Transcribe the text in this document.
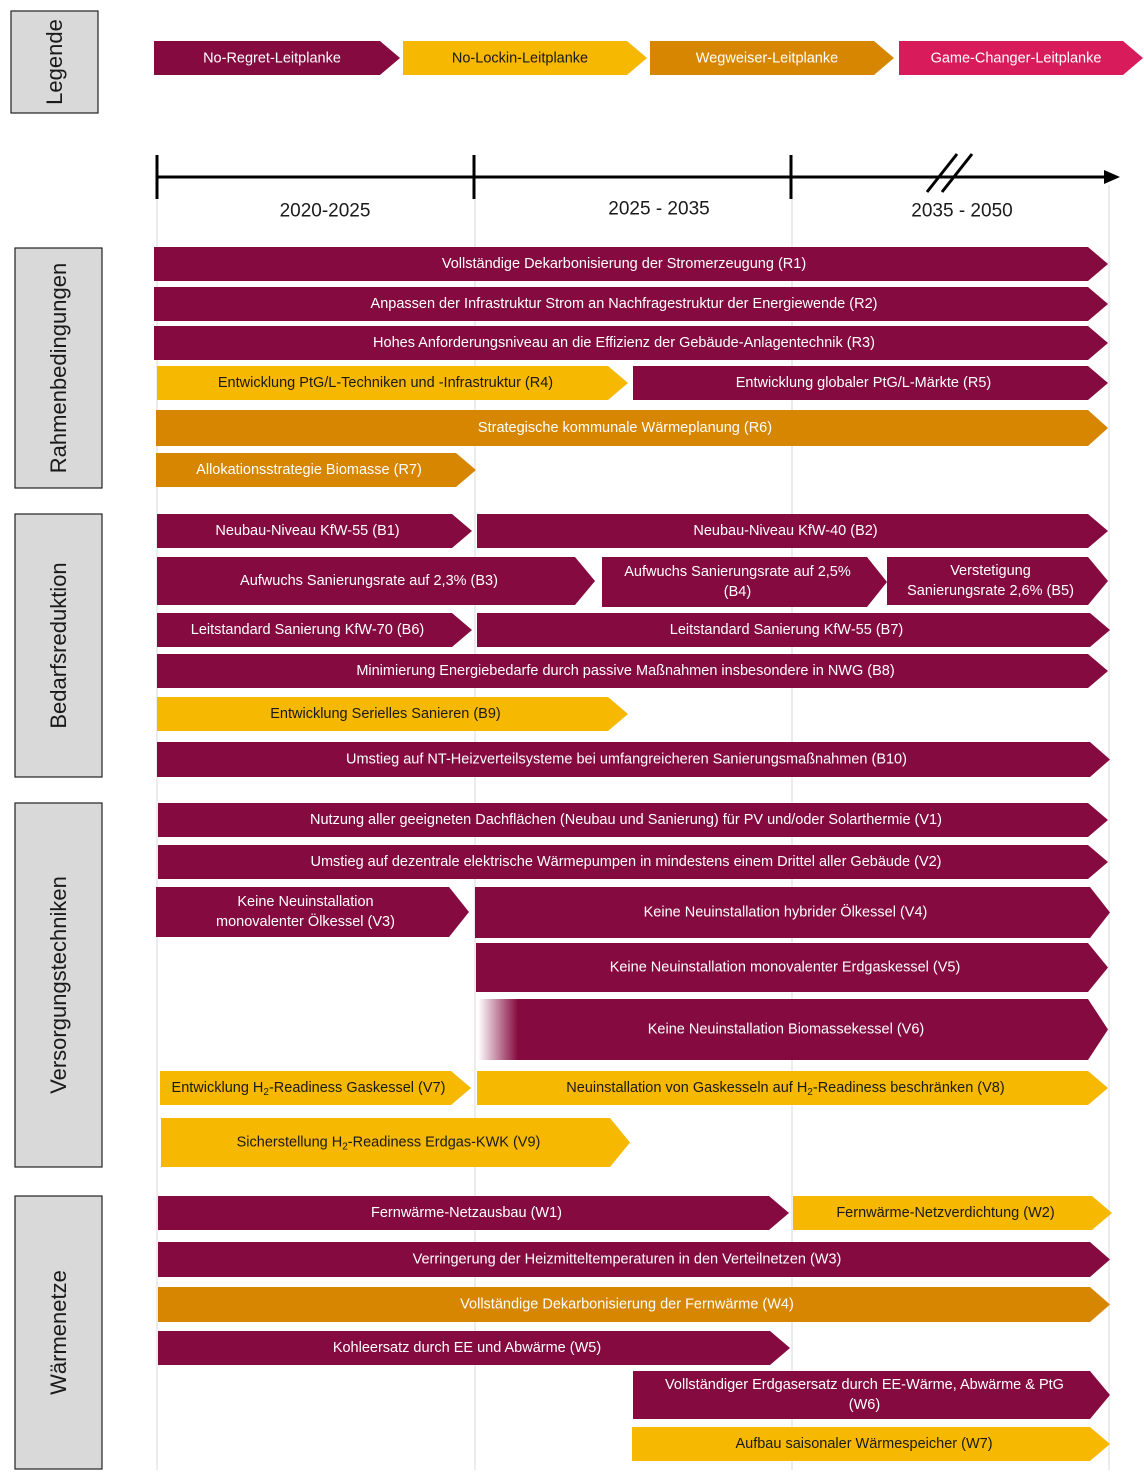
Legende
Rahmenbedingungen
Bedarfsreduktion
Versorgungstechniken
Wärmenetze
No-Regret-Leitplanke	No-Lockin-Leitplanke	Wegweiser-Leitplanke	Game-Changer-Leitplanke
2020-2025	2025 - 2035	2035 - 2050
Vollständige Dekarbonisierung der Stromerzeugung (R1)
Anpassen der Infrastruktur Strom an Nachfragestruktur der Energiewende (R2)
Hohes Anforderungsniveau an die Effizienz der Gebäude-Anlagentechnik (R3)
Entwicklung PtG/L-Techniken und -Infrastruktur (R4)	Entwicklung globaler PtG/L-Märkte (R5)
Strategische kommunale Wärmeplanung (R6)
Allokationsstrategie Biomasse (R7)
Neubau-Niveau KfW-55 (B1)	Neubau-Niveau KfW-40 (B2)
Aufwuchs Sanierungsrate auf 2,3% (B3)
Aufwuchs Sanierungsrate auf 2,5%
(B4)
Verstetigung
Sanierungsrate 2,6% (B5)
Leitstandard Sanierung KfW-70 (B6)	Leitstandard Sanierung KfW-55 (B7)
Minimierung Energiebedarfe durch passive Maßnahmen insbesondere in NWG (B8)
Entwicklung Serielles Sanieren (B9)
Umstieg auf NT-Heizverteilsysteme bei umfangreicheren Sanierungsmaßnahmen (B10)
Nutzung aller geeigneten Dachflächen (Neubau und Sanierung) für PV und/oder Solarthermie (V1)
Umstieg auf dezentrale elektrische Wärmepumpen in mindestens einem Drittel aller Gebäude (V2)
Keine Neuinstallation
monovalenter Ölkessel (V3)
Keine Neuinstallation hybrider Ölkessel (V4)
Keine Neuinstallation monovalenter Erdgaskessel (V5)
Keine Neuinstallation Biomassekessel (V6)
Entwicklung $H_2$-Readiness Gaskessel (V7)	Neuinstallation von Gaskesseln auf $H_2$-Readiness beschränken (V8)
Sicherstellung $H_2$-Readiness Erdgas-KWK (V9)
Fernwärme-Netzausbau (W1)	Fernwärme-Netzverdichtung (W2)
Verringerung der Heizmitteltemperaturen in den Verteilnetzen (W3)
Vollständige Dekarbonisierung der Fernwärme (W4)
Kohleersatz durch EE und Abwärme (W5)
Vollständiger Erdgasersatz durch EE-Wärme, Abwärme & PtG
(W6)
Aufbau saisonaler Wärmespeicher (W7)
